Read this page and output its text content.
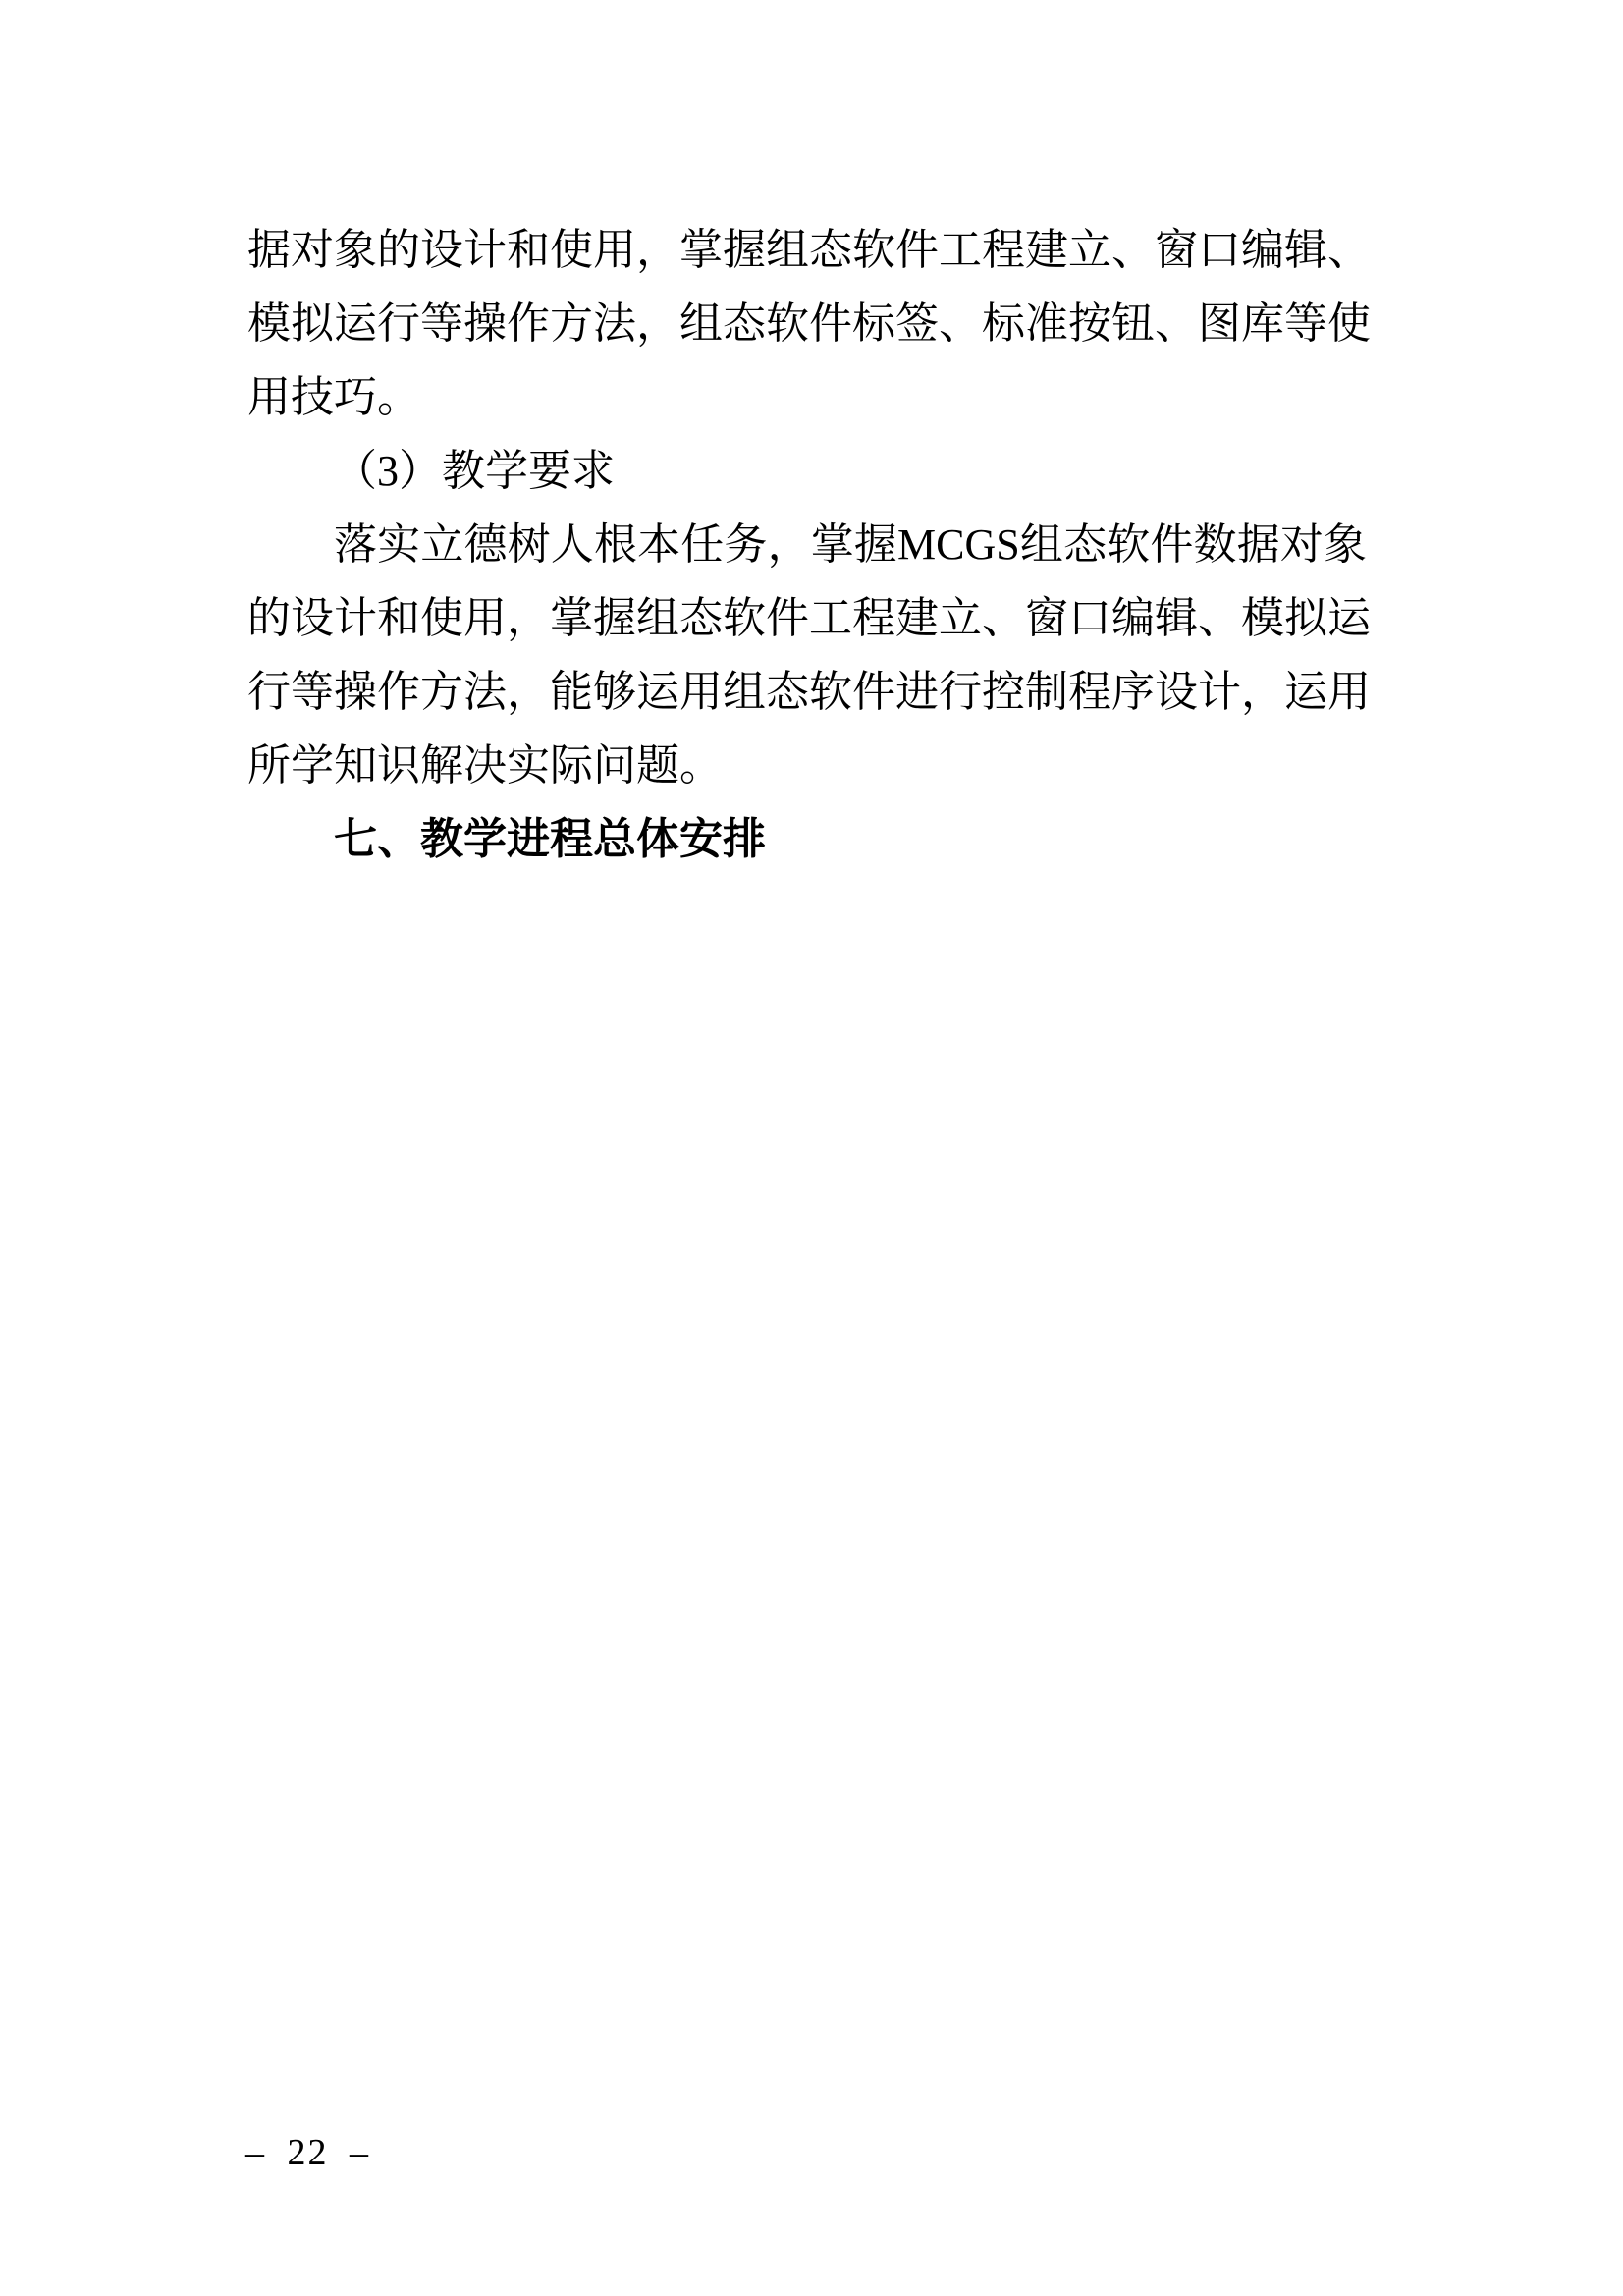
据 对 象 的 设 计 和 使 用 ， 掌 握 组 态 软 件 工 程 建 立 、 窗 口 编 辑 、
模 拟 运 行 等 操 作 方 法 ， 组 态 软 件 标 签 、 标 准 按 钮 、 图 库 等 使
用技巧。
（3）教学要求
落 实 立 德 树 人 根 本 任 务 ， 掌 握 MCGS 组 态 软 件 数 据 对 象
的 设 计 和 使 用 ， 掌 握 组 态 软 件 工 程 建 立 、 窗 口 编 辑 、 模 拟 运
行 等 操 作 方 法 ， 能 够 运 用 组 态 软 件 进 行 控 制 程 序 设 计 ， 运 用
所学知识解决实际问题。
七、教学进程总体安排
– 22 –
